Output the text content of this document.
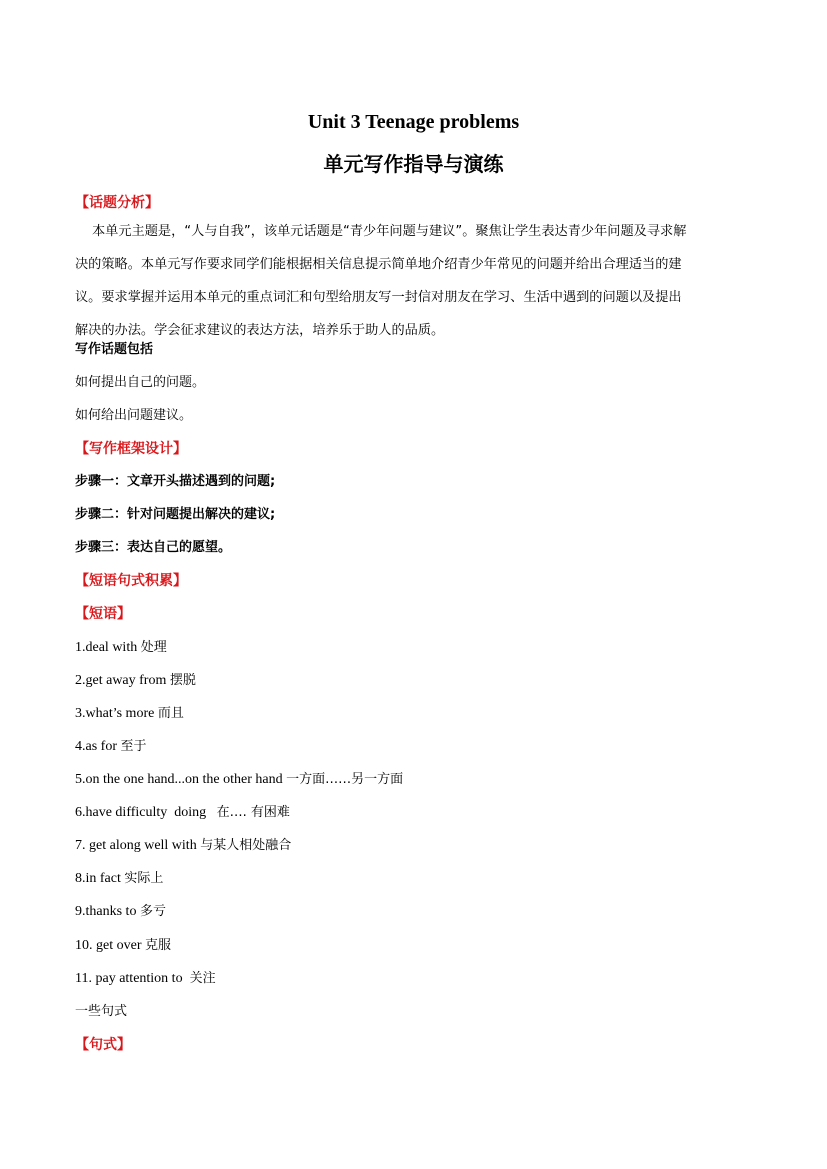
Unit 3 Teenage problems
单元写作指导与演练
【话题分析】
本单元主题是，“人与自我”，该单元话题是“青少年问题与建议”。聚焦让学生表达青少年问题及寻求解
决的策略。本单元写作要求同学们能根据相关信息提示简单地介绍青少年常见的问题并给出合理适当的建
议。要求掌握并运用本单元的重点词汇和句型给朋友写一封信对朋友在学习、生活中遇到的问题以及提出
解决的办法。学会征求建议的表达方法，培养乐于助人的品质。
写作话题包括
如何提出自己的问题。
如何给出问题建议。
【写作框架设计】
步骤一：文章开头描述遇到的问题;
步骤二：针对问题提出解决的建议;
步骤三：表达自己的愿望。
【短语句式积累】
【短语】
1.deal with 处理
2.get away from 摆脱
3.what’s more 而且
4.as for 至于
5.on the one hand...on the other hand 一方面……另一方面
6.have difficulty  doing   在…. 有困难
7. get along well with 与某人相处融合
8.in fact 实际上
9.thanks to 多亏
10. get over 克服
11. pay attention to  关注
一些句式
【句式】
